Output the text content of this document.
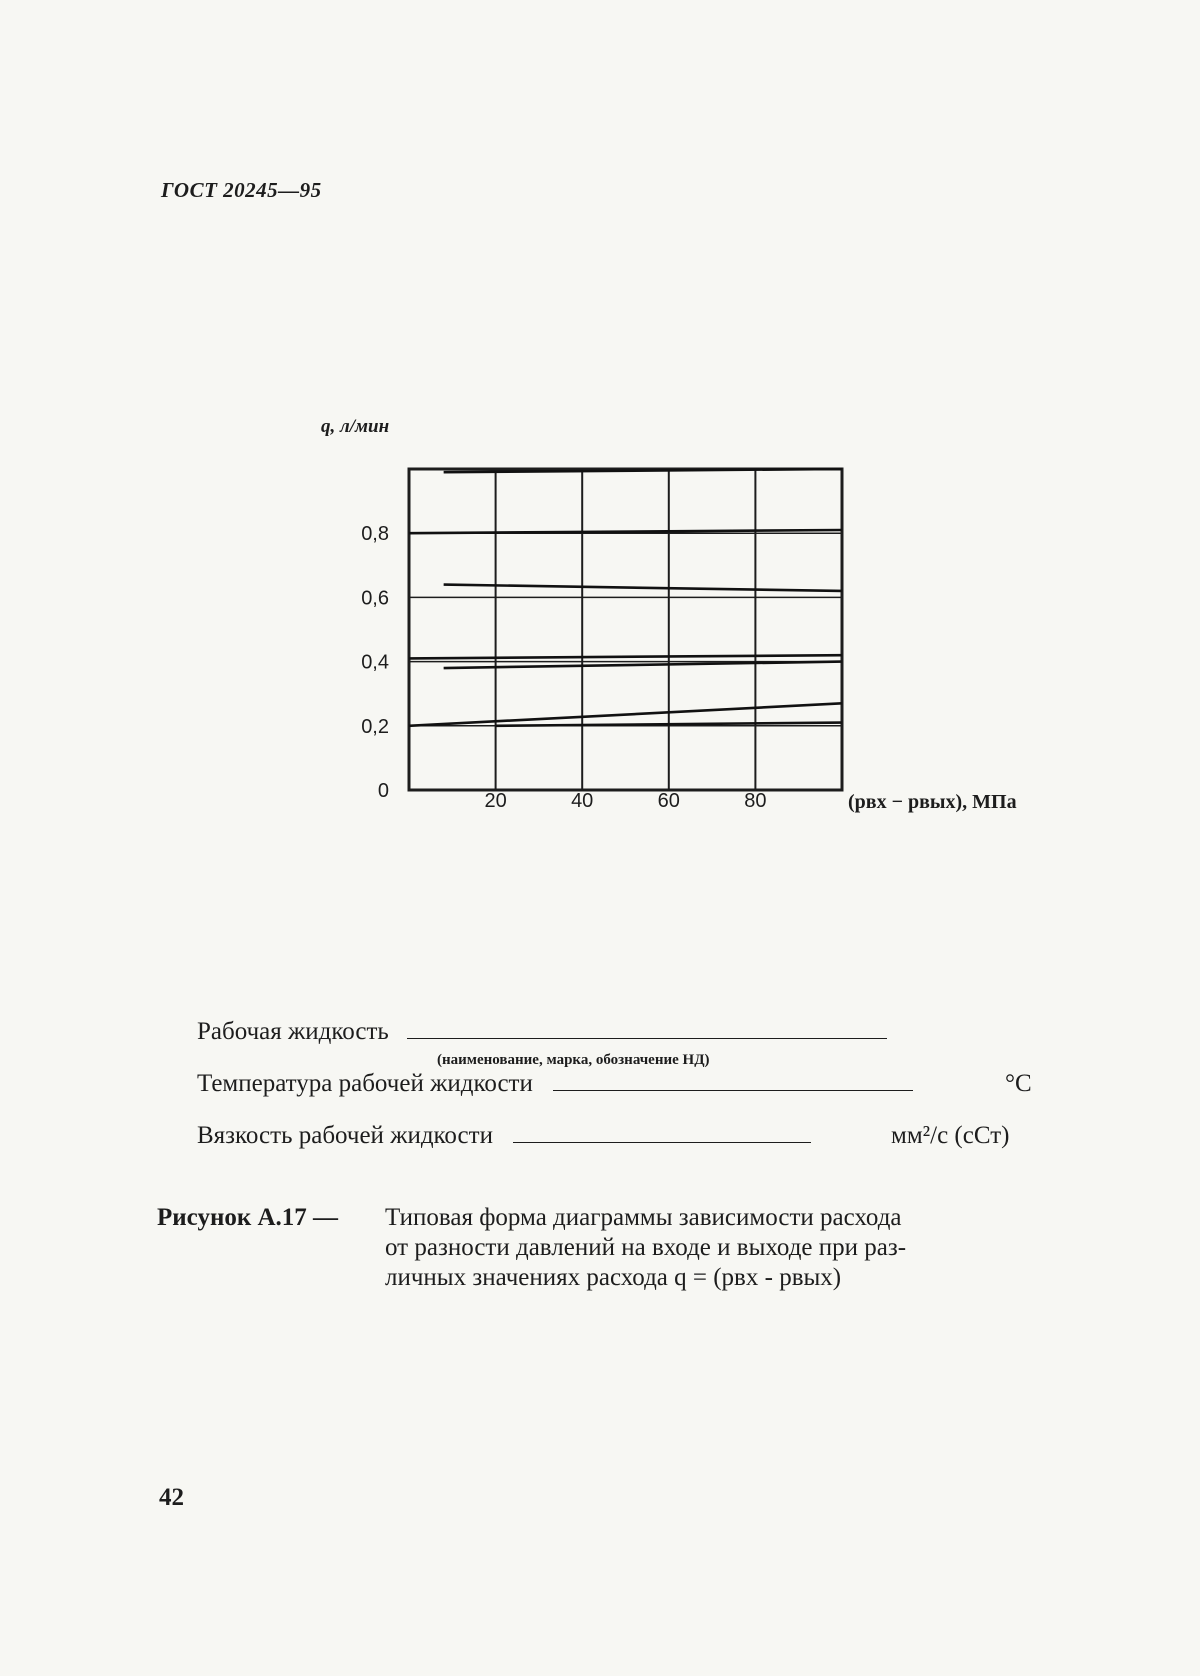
ГОСТ 20245—95
q, л/мин
0
0,2
0,4
0,6
0,8
20	40	60	80	(pвх − pвых), МПа
Рабочая жидкость
(наименование, марка, обозначение НД)
Температура рабочей жидкости	°С
Вязкость рабочей жидкости	мм²/с (сСт)
Рисунок А.17 — Типовая форма диаграммы зависимости расхода
от разности давлений на входе и выходе при раз-
личных значениях расхода q = (pвх - pвых)
42
